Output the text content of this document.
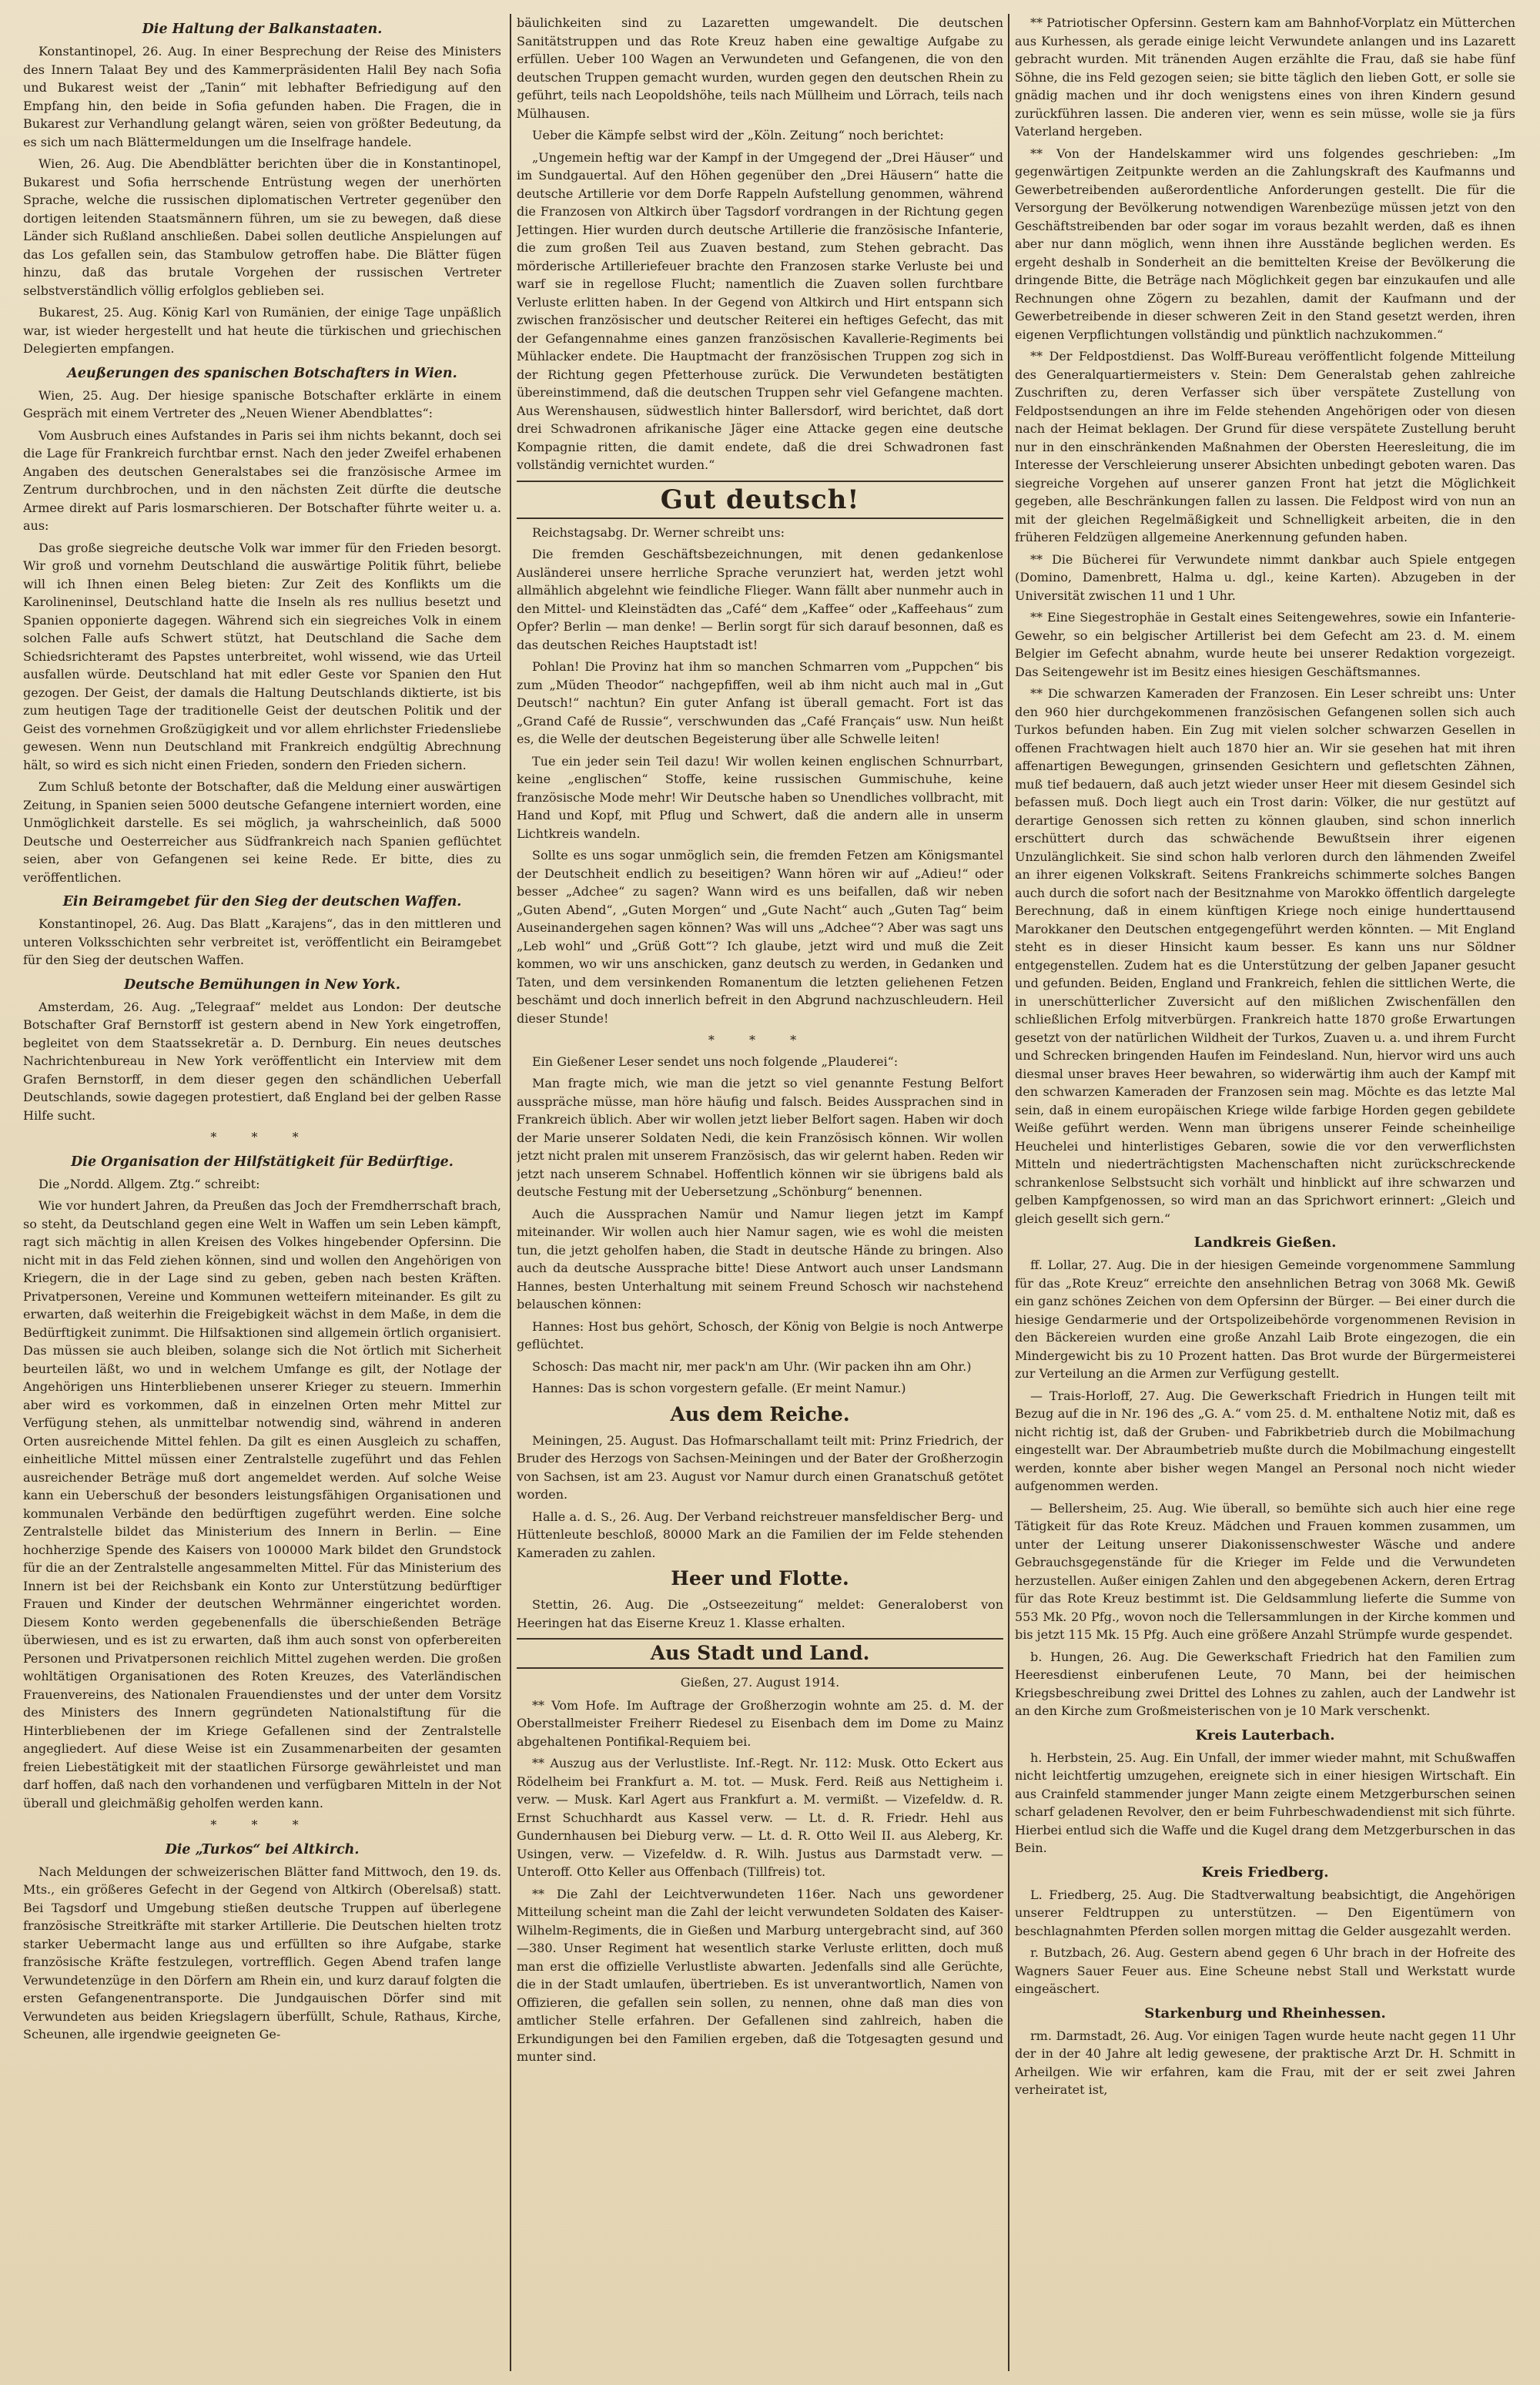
Die Haltung der Balkanstaaten.

Konstantinopel, 26. Aug. In einer Besprechung der Reise des Ministers des Innern Talaat Bey und des Kammerpräsidenten Halil Bey nach Sofia und Bukarest weist der „Tanin“ mit lebhafter Befriedigung auf den Empfang hin, den beide in Sofia gefunden haben. Die Fragen, die in Bukarest zur Verhandlung gelangt wären, seien von größter Bedeutung, da es sich um nach Blättermeldungen um die Inselfrage handele.

Wien, 26. Aug. Die Abendblätter berichten über die in Konstantinopel, Bukarest und Sofia herrschende Entrüstung wegen der unerhörten Sprache, welche die russischen diplomatischen Vertreter gegenüber den dortigen leitenden Staatsmännern führen, um sie zu bewegen, daß diese Länder sich Rußland anschließen. Dabei sollen deutliche Anspielungen auf das Los gefallen sein, das Stambulow getroffen habe. Die Blätter fügen hinzu, daß das brutale Vorgehen der russischen Vertreter selbstverständlich völlig erfolglos geblieben sei.

Bukarest, 25. Aug. König Karl von Rumänien, der einige Tage unpäßlich war, ist wieder hergestellt und hat heute die türkischen und griechischen Delegierten empfangen.

Aeußerungen des spanischen Botschafters in Wien.

Wien, 25. Aug. Der hiesige spanische Botschafter erklärte in einem Gespräch mit einem Vertreter des „Neuen Wiener Abendblattes“:

Vom Ausbruch eines Aufstandes in Paris sei ihm nichts bekannt, doch sei die Lage für Frankreich furchtbar ernst. Nach den jeder Zweifel erhabenen Angaben des deutschen Generalstabes sei die französische Armee im Zentrum durchbrochen, und in den nächsten Zeit dürfte die deutsche Armee direkt auf Paris losmarschieren. Der Botschafter führte weiter u. a. aus:

Das große siegreiche deutsche Volk war immer für den Frieden besorgt. Wir groß und vornehm Deutschland die auswärtige Politik führt, beliebe will ich Ihnen einen Beleg bieten: Zur Zeit des Konflikts um die Karolineninsel, Deutschland hatte die Inseln als res nullius besetzt und Spanien opponierte dagegen. Während sich ein siegreiches Volk in einem solchen Falle aufs Schwert stützt, hat Deutschland die Sache dem Schiedsrichteramt des Papstes unterbreitet, wohl wissend, wie das Urteil ausfallen würde. Deutschland hat mit edler Geste vor Spanien den Hut gezogen. Der Geist, der damals die Haltung Deutschlands diktierte, ist bis zum heutigen Tage der traditionelle Geist der deutschen Politik und der Geist des vornehmen Großzügigkeit und vor allem ehrlichster Friedensliebe gewesen. Wenn nun Deutschland mit Frankreich endgültig Abrechnung hält, so wird es sich nicht einen Frieden, sondern den Frieden sichern.

Zum Schluß betonte der Botschafter, daß die Meldung einer auswärtigen Zeitung, in Spanien seien 5000 deutsche Gefangene interniert worden, eine Unmöglichkeit darstelle. Es sei möglich, ja wahrscheinlich, daß 5000 Deutsche und Oesterreicher aus Südfrankreich nach Spanien geflüchtet seien, aber von Gefangenen sei keine Rede. Er bitte, dies zu veröffentlichen.

Ein Beiramgebet für den Sieg der deutschen Waffen.

Konstantinopel, 26. Aug. Das Blatt „Karajens“, das in den mittleren und unteren Volksschichten sehr verbreitet ist, veröffentlicht ein Beiramgebet für den Sieg der deutschen Waffen.

Deutsche Bemühungen in New York.

Amsterdam, 26. Aug. „Telegraaf“ meldet aus London: Der deutsche Botschafter Graf Bernstorff ist gestern abend in New York eingetroffen, begleitet von dem Staatssekretär a. D. Dernburg. Ein neues deutsches Nachrichtenbureau in New York veröffentlicht ein Interview mit dem Grafen Bernstorff, in dem dieser gegen den schändlichen Ueberfall Deutschlands, sowie dagegen protestiert, daß England bei der gelben Rasse Hilfe sucht.

* * *
Die Organisation der Hilfstätigkeit für Bedürftige.

Die „Nordd. Allgem. Ztg.“ schreibt:

Wie vor hundert Jahren, da Preußen das Joch der Fremdherrschaft brach, so steht, da Deutschland gegen eine Welt in Waffen um sein Leben kämpft, ragt sich mächtig in allen Kreisen des Volkes hingebender Opfersinn. Die nicht mit in das Feld ziehen können, sind und wollen den Angehörigen von Kriegern, die in der Lage sind zu geben, geben nach besten Kräften. Privatpersonen, Vereine und Kommunen wetteifern miteinander. Es gilt zu erwarten, daß weiterhin die Freigebigkeit wächst in dem Maße, in dem die Bedürftigkeit zunimmt. Die Hilfsaktionen sind allgemein örtlich organisiert. Das müssen sie auch bleiben, solange sich die Not örtlich mit Sicherheit beurteilen läßt, wo und in welchem Umfange es gilt, der Notlage der Angehörigen uns Hinterbliebenen unserer Krieger zu steuern. Immerhin aber wird es vorkommen, daß in einzelnen Orten mehr Mittel zur Verfügung stehen, als unmittelbar notwendig sind, während in anderen Orten ausreichende Mittel fehlen. Da gilt es einen Ausgleich zu schaffen, einheitliche Mittel müssen einer Zentralstelle zugeführt und das Fehlen ausreichender Beträge muß dort angemeldet werden. Auf solche Weise kann ein Ueberschuß der besonders leistungsfähigen Organisationen und kommunalen Verbände den bedürftigen zugeführt werden. Eine solche Zentralstelle bildet das Ministerium des Innern in Berlin. — Eine hochherzige Spende des Kaisers von 100000 Mark bildet den Grundstock für die an der Zentralstelle angesammelten Mittel. Für das Ministerium des Innern ist bei der Reichsbank ein Konto zur Unterstützung bedürftiger Frauen und Kinder der deutschen Wehrmänner eingerichtet worden. Diesem Konto werden gegebenenfalls die überschießenden Beträge überwiesen, und es ist zu erwarten, daß ihm auch sonst von opferbereiten Personen und Privatpersonen reichlich Mittel zugehen werden. Die großen wohltätigen Organisationen des Roten Kreuzes, des Vaterländischen Frauenvereins, des Nationalen Frauendienstes und der unter dem Vorsitz des Ministers des Innern gegründeten Nationalstiftung für die Hinterbliebenen der im Kriege Gefallenen sind der Zentralstelle angegliedert. Auf diese Weise ist ein Zusammenarbeiten der gesamten freien Liebestätigkeit mit der staatlichen Fürsorge gewährleistet und man darf hoffen, daß nach den vorhandenen und verfügbaren Mitteln in der Not überall und gleichmäßig geholfen werden kann.

* * *
Die „Turkos“ bei Altkirch.

Nach Meldungen der schweizerischen Blätter fand Mittwoch, den 19. ds. Mts., ein größeres Gefecht in der Gegend von Altkirch (Oberelsaß) statt. Bei Tagsdorf und Umgebung stießen deutsche Truppen auf überlegene französische Streitkräfte mit starker Artillerie. Die Deutschen hielten trotz starker Uebermacht lange aus und erfüllten so ihre Aufgabe, starke französische Kräfte festzulegen, vortrefflich. Gegen Abend trafen lange Verwundetenzüge in den Dörfern am Rhein ein, und kurz darauf folgten die ersten Gefangenentransporte. Die Jundgauischen Dörfer sind mit Verwundeten aus beiden Kriegslagern überfüllt, Schule, Rathaus, Kirche, Scheunen, alle irgendwie geeigneten Ge-

bäulichkeiten sind zu Lazaretten umgewandelt. Die deutschen Sanitätstruppen und das Rote Kreuz haben eine gewaltige Aufgabe zu erfüllen. Ueber 100 Wagen an Verwundeten und Gefangenen, die von den deutschen Truppen gemacht wurden, wurden gegen den deutschen Rhein zu geführt, teils nach Leopoldshöhe, teils nach Müllheim und Lörrach, teils nach Mülhausen.

Ueber die Kämpfe selbst wird der „Köln. Zeitung“ noch berichtet:

„Ungemein heftig war der Kampf in der Umgegend der „Drei Häuser“ und im Sundgauertal. Auf den Höhen gegenüber den „Drei Häusern“ hatte die deutsche Artillerie vor dem Dorfe Rappeln Aufstellung genommen, während die Franzosen von Altkirch über Tagsdorf vordrangen in der Richtung gegen Jettingen. Hier wurden durch deutsche Artillerie die französische Infanterie, die zum großen Teil aus Zuaven bestand, zum Stehen gebracht. Das mörderische Artilleriefeuer brachte den Franzosen starke Verluste bei und warf sie in regellose Flucht; namentlich die Zuaven sollen furchtbare Verluste erlitten haben. In der Gegend von Altkirch und Hirt entspann sich zwischen französischer und deutscher Reiterei ein heftiges Gefecht, das mit der Gefangennahme eines ganzen französischen Kavallerie-Regiments bei Mühlacker endete. Die Hauptmacht der französischen Truppen zog sich in der Richtung gegen Pfetterhouse zurück. Die Verwundeten bestätigten übereinstimmend, daß die deutschen Truppen sehr viel Gefangene machten. Aus Werenshausen, südwestlich hinter Ballersdorf, wird berichtet, daß dort drei Schwadronen afrikanische Jäger eine Attacke gegen eine deutsche Kompagnie ritten, die damit endete, daß die drei Schwadronen fast vollständig vernichtet wurden.“

Gut deutsch!

Reichstagsabg. Dr. Werner schreibt uns:

Die fremden Geschäftsbezeichnungen, mit denen gedankenlose Ausländerei unsere herrliche Sprache verunziert hat, werden jetzt wohl allmählich abgelehnt wie feindliche Flieger. Wann fällt aber nunmehr auch in den Mittel- und Kleinstädten das „Café“ dem „Kaffee“ oder „Kaffeehaus“ zum Opfer? Berlin — man denke! — Berlin sorgt für sich darauf besonnen, daß es das deutschen Reiches Hauptstadt ist!

Pohlan! Die Provinz hat ihm so manchen Schmarren vom „Puppchen“ bis zum „Müden Theodor“ nachgepfiffen, weil ab ihm nicht auch mal in „Gut Deutsch!“ nachtun? Ein guter Anfang ist überall gemacht. Fort ist das „Grand Café de Russie“, verschwunden das „Café Français“ usw. Nun heißt es, die Welle der deutschen Begeisterung über alle Schwelle leiten!

Tue ein jeder sein Teil dazu! Wir wollen keinen englischen Schnurrbart, keine „englischen“ Stoffe, keine russischen Gummischuhe, keine französische Mode mehr! Wir Deutsche haben so Unendliches vollbracht, mit Hand und Kopf, mit Pflug und Schwert, daß die andern alle in unserm Lichtkreis wandeln.

Sollte es uns sogar unmöglich sein, die fremden Fetzen am Königsmantel der Deutschheit endlich zu beseitigen? Wann hören wir auf „Adieu!“ oder besser „Adchee“ zu sagen? Wann wird es uns beifallen, daß wir neben „Guten Abend“, „Guten Morgen“ und „Gute Nacht“ auch „Guten Tag“ beim Auseinandergehen sagen können? Was will uns „Adchee“? Aber was sagt uns „Leb wohl“ und „Grüß Gott“? Ich glaube, jetzt wird und muß die Zeit kommen, wo wir uns anschicken, ganz deutsch zu werden, in Gedanken und Taten, und dem versinkenden Romanentum die letzten geliehenen Fetzen beschämt und doch innerlich befreit in den Abgrund nachzuschleudern. Heil dieser Stunde!

* * *

Ein Gießener Leser sendet uns noch folgende „Plauderei“:

Man fragte mich, wie man die jetzt so viel genannte Festung Belfort ausspräche müsse, man höre häufig und falsch. Beides Aussprachen sind in Frankreich üblich. Aber wir wollen jetzt lieber Belfort sagen. Haben wir doch der Marie unserer Soldaten Nedi, die kein Französisch können. Wir wollen jetzt nicht pralen mit unserem Französisch, das wir gelernt haben. Reden wir jetzt nach unserem Schnabel. Hoffentlich können wir sie übrigens bald als deutsche Festung mit der Uebersetzung „Schönburg“ benennen.

Auch die Aussprachen Namür und Namur liegen jetzt im Kampf miteinander. Wir wollen auch hier Namur sagen, wie es wohl die meisten tun, die jetzt geholfen haben, die Stadt in deutsche Hände zu bringen. Also auch da deutsche Aussprache bitte! Diese Antwort auch unser Landsmann Hannes, besten Unterhaltung mit seinem Freund Schosch wir nachstehend belauschen können:

Hannes: Host bus gehört, Schosch, der König von Belgie is noch Antwerpe geflüchtet.

Schosch: Das macht nir, mer pack'n am Uhr. (Wir packen ihn am Ohr.)

Hannes: Das is schon vorgestern gefalle. (Er meint Namur.)

Aus dem Reiche.

Meiningen, 25. August. Das Hofmarschallamt teilt mit: Prinz Friedrich, der Bruder des Herzogs von Sachsen-Meiningen und der Bater der Großherzogin von Sachsen, ist am 23. August vor Namur durch einen Granatschuß getötet worden.

Halle a. d. S., 26. Aug. Der Verband reichstreuer mansfeldischer Berg- und Hüttenleute beschloß, 80000 Mark an die Familien der im Felde stehenden Kameraden zu zahlen.

Heer und Flotte.

Stettin, 26. Aug. Die „Ostseezeitung“ meldet: Generaloberst von Heeringen hat das Eiserne Kreuz 1. Klasse erhalten.

Aus Stadt und Land.
Gießen, 27. August 1914.

** Vom Hofe. Im Auftrage der Großherzogin wohnte am 25. d. M. der Oberstallmeister Freiherr Riedesel zu Eisenbach dem im Dome zu Mainz abgehaltenen Pontifikal-Requiem bei.

** Auszug aus der Verlustliste. Inf.-Regt. Nr. 112: Musk. Otto Eckert aus Rödelheim bei Frankfurt a. M. tot. — Musk. Ferd. Reiß aus Nettigheim i. verw. — Musk. Karl Agert aus Frankfurt a. M. vermißt. — Vizefeldw. d. R. Ernst Schuchhardt aus Kassel verw. — Lt. d. R. Friedr. Hehl aus Gundernhausen bei Dieburg verw. — Lt. d. R. Otto Weil II. aus Aleberg, Kr. Usingen, verw. — Vizefeldw. d. R. Wilh. Justus aus Darmstadt verw. — Unteroff. Otto Keller aus Offenbach (Tillfreis) tot.

** Die Zahl der Leichtverwundeten 116er. Nach uns gewordener Mitteilung scheint man die Zahl der leicht verwundeten Soldaten des Kaiser-Wilhelm-Regiments, die in Gießen und Marburg untergebracht sind, auf 360—380. Unser Regiment hat wesentlich starke Verluste erlitten, doch muß man erst die offizielle Verlustliste abwarten. Jedenfalls sind alle Gerüchte, die in der Stadt umlaufen, übertrieben. Es ist unverantwortlich, Namen von Offizieren, die gefallen sein sollen, zu nennen, ohne daß man dies von amtlicher Stelle erfahren. Der Gefallenen sind zahlreich, haben die Erkundigungen bei den Familien ergeben, daß die Totgesagten gesund und munter sind.

** Patriotischer Opfersinn. Gestern kam am Bahnhof-Vorplatz ein Mütterchen aus Kurhessen, als gerade einige leicht Verwundete anlangen und ins Lazarett gebracht wurden. Mit tränenden Augen erzählte die Frau, daß sie habe fünf Söhne, die ins Feld gezogen seien; sie bitte täglich den lieben Gott, er solle sie gnädig machen und ihr doch wenigstens eines von ihren Kindern gesund zurückführen lassen. Die anderen vier, wenn es sein müsse, wolle sie ja fürs Vaterland hergeben.

** Von der Handelskammer wird uns folgendes geschrieben: „Im gegenwärtigen Zeitpunkte werden an die Zahlungskraft des Kaufmanns und Gewerbetreibenden außerordentliche Anforderungen gestellt. Die für die Versorgung der Bevölkerung notwendigen Warenbezüge müssen jetzt von den Geschäftstreibenden bar oder sogar im voraus bezahlt werden, daß es ihnen aber nur dann möglich, wenn ihnen ihre Ausstände beglichen werden. Es ergeht deshalb in Sonderheit an die bemittelten Kreise der Bevölkerung die dringende Bitte, die Beträge nach Möglichkeit gegen bar einzukaufen und alle Rechnungen ohne Zögern zu bezahlen, damit der Kaufmann und der Gewerbetreibende in dieser schweren Zeit in den Stand gesetzt werden, ihren eigenen Verpflichtungen vollständig und pünktlich nachzukommen.“

** Der Feldpostdienst. Das Wolff-Bureau veröffentlicht folgende Mitteilung des Generalquartiermeisters v. Stein: Dem Generalstab gehen zahlreiche Zuschriften zu, deren Verfasser sich über verspätete Zustellung von Feldpostsendungen an ihre im Felde stehenden Angehörigen oder von diesen nach der Heimat beklagen. Der Grund für diese verspätete Zustellung beruht nur in den einschränkenden Maßnahmen der Obersten Heeresleitung, die im Interesse der Verschleierung unserer Absichten unbedingt geboten waren. Das siegreiche Vorgehen auf unserer ganzen Front hat jetzt die Möglichkeit gegeben, alle Beschränkungen fallen zu lassen. Die Feldpost wird von nun an mit der gleichen Regelmäßigkeit und Schnelligkeit arbeiten, die in den früheren Feldzügen allgemeine Anerkennung gefunden haben.

** Die Bücherei für Verwundete nimmt dankbar auch Spiele entgegen (Domino, Damenbrett, Halma u. dgl., keine Karten). Abzugeben in der Universität zwischen 11 und 1 Uhr.

** Eine Siegestrophäe in Gestalt eines Seitengewehres, sowie ein Infanterie-Gewehr, so ein belgischer Artillerist bei dem Gefecht am 23. d. M. einem Belgier im Gefecht abnahm, wurde heute bei unserer Redaktion vorgezeigt. Das Seitengewehr ist im Besitz eines hiesigen Geschäftsmannes.

** Die schwarzen Kameraden der Franzosen. Ein Leser schreibt uns: Unter den 960 hier durchgekommenen französischen Gefangenen sollen sich auch Turkos befunden haben. Ein Zug mit vielen solcher schwarzen Gesellen in offenen Frachtwagen hielt auch 1870 hier an. Wir sie gesehen hat mit ihren affenartigen Bewegungen, grinsenden Gesichtern und gefletschten Zähnen, muß tief bedauern, daß auch jetzt wieder unser Heer mit diesem Gesindel sich befassen muß. Doch liegt auch ein Trost darin: Völker, die nur gestützt auf derartige Genossen sich retten zu können glauben, sind schon innerlich erschüttert durch das schwächende Bewußtsein ihrer eigenen Unzulänglichkeit. Sie sind schon halb verloren durch den lähmenden Zweifel an ihrer eigenen Volkskraft. Seitens Frankreichs schimmerte solches Bangen auch durch die sofort nach der Besitznahme von Marokko öffentlich dargelegte Berechnung, daß in einem künftigen Kriege noch einige hunderttausend Marokkaner den Deutschen entgegengeführt werden könnten. — Mit England steht es in dieser Hinsicht kaum besser. Es kann uns nur Söldner entgegenstellen. Zudem hat es die Unterstützung der gelben Japaner gesucht und gefunden. Beiden, England und Frankreich, fehlen die sittlichen Werte, die in unerschütterlicher Zuversicht auf den mißlichen Zwischenfällen den schließlichen Erfolg mitverbürgen. Frankreich hatte 1870 große Erwartungen gesetzt von der natürlichen Wildheit der Turkos, Zuaven u. a. und ihrem Furcht und Schrecken bringenden Haufen im Feindesland. Nun, hiervor wird uns auch diesmal unser braves Heer bewahren, so widerwärtig ihm auch der Kampf mit den schwarzen Kameraden der Franzosen sein mag. Möchte es das letzte Mal sein, daß in einem europäischen Kriege wilde farbige Horden gegen gebildete Weiße geführt werden. Wenn man übrigens unserer Feinde scheinheilige Heuchelei und hinterlistiges Gebaren, sowie die vor den verwerflichsten Mitteln und niederträchtigsten Machenschaften nicht zurückschreckende schrankenlose Selbstsucht sich vorhält und hinblickt auf ihre schwarzen und gelben Kampfgenossen, so wird man an das Sprichwort erinnert: „Gleich und gleich gesellt sich gern.“

Landkreis Gießen.

ff. Lollar, 27. Aug. Die in der hiesigen Gemeinde vorgenommene Sammlung für das „Rote Kreuz“ erreichte den ansehnlichen Betrag von 3068 Mk. Gewiß ein ganz schönes Zeichen von dem Opfersinn der Bürger. — Bei einer durch die hiesige Gendarmerie und der Ortspolizeibehörde vorgenommenen Revision in den Bäckereien wurden eine große Anzahl Laib Brote eingezogen, die ein Mindergewicht bis zu 10 Prozent hatten. Das Brot wurde der Bürgermeisterei zur Verteilung an die Armen zur Verfügung gestellt.

— Trais-Horloff, 27. Aug. Die Gewerkschaft Friedrich in Hungen teilt mit Bezug auf die in Nr. 196 des „G. A.“ vom 25. d. M. enthaltene Notiz mit, daß es nicht richtig ist, daß der Gruben- und Fabrikbetrieb durch die Mobilmachung eingestellt war. Der Abraumbetrieb mußte durch die Mobilmachung eingestellt werden, konnte aber bisher wegen Mangel an Personal noch nicht wieder aufgenommen werden.

— Bellersheim, 25. Aug. Wie überall, so bemühte sich auch hier eine rege Tätigkeit für das Rote Kreuz. Mädchen und Frauen kommen zusammen, um unter der Leitung unserer Diakonissenschwester Wäsche und andere Gebrauchsgegenstände für die Krieger im Felde und die Verwundeten herzustellen. Außer einigen Zahlen und den abgegebenen Ackern, deren Ertrag für das Rote Kreuz bestimmt ist. Die Geldsammlung lieferte die Summe von 553 Mk. 20 Pfg., wovon noch die Tellersammlungen in der Kirche kommen und bis jetzt 115 Mk. 15 Pfg. Auch eine größere Anzahl Strümpfe wurde gespendet.

b. Hungen, 26. Aug. Die Gewerkschaft Friedrich hat den Familien zum Heeresdienst einberufenen Leute, 70 Mann, bei der heimischen Kriegsbeschreibung zwei Drittel des Lohnes zu zahlen, auch der Landwehr ist an den Kirche zum Großmeisterischen von je 10 Mark verschenkt.

Kreis Lauterbach.

h. Herbstein, 25. Aug. Ein Unfall, der immer wieder mahnt, mit Schußwaffen nicht leichtfertig umzugehen, ereignete sich in einer hiesigen Wirtschaft. Ein aus Crainfeld stammender junger Mann zeigte einem Metzgerburschen seinen scharf geladenen Revolver, den er beim Fuhrbeschwadendienst mit sich führte. Hierbei entlud sich die Waffe und die Kugel drang dem Metzgerburschen in das Bein.

Kreis Friedberg.

L. Friedberg, 25. Aug. Die Stadtverwaltung beabsichtigt, die Angehörigen unserer Feldtruppen zu unterstützen. — Den Eigentümern von beschlagnahmten Pferden sollen morgen mittag die Gelder ausgezahlt werden.

r. Butzbach, 26. Aug. Gestern abend gegen 6 Uhr brach in der Hofreite des Wagners Sauer Feuer aus. Eine Scheune nebst Stall und Werkstatt wurde eingeäschert.

Starkenburg und Rheinhessen.

rm. Darmstadt, 26. Aug. Vor einigen Tagen wurde heute nacht gegen 11 Uhr der in der 40 Jahre alt ledig gewesene, der praktische Arzt Dr. H. Schmitt in Arheilgen. Wie wir erfahren, kam die Frau, mit der er seit zwei Jahren verheiratet ist,
